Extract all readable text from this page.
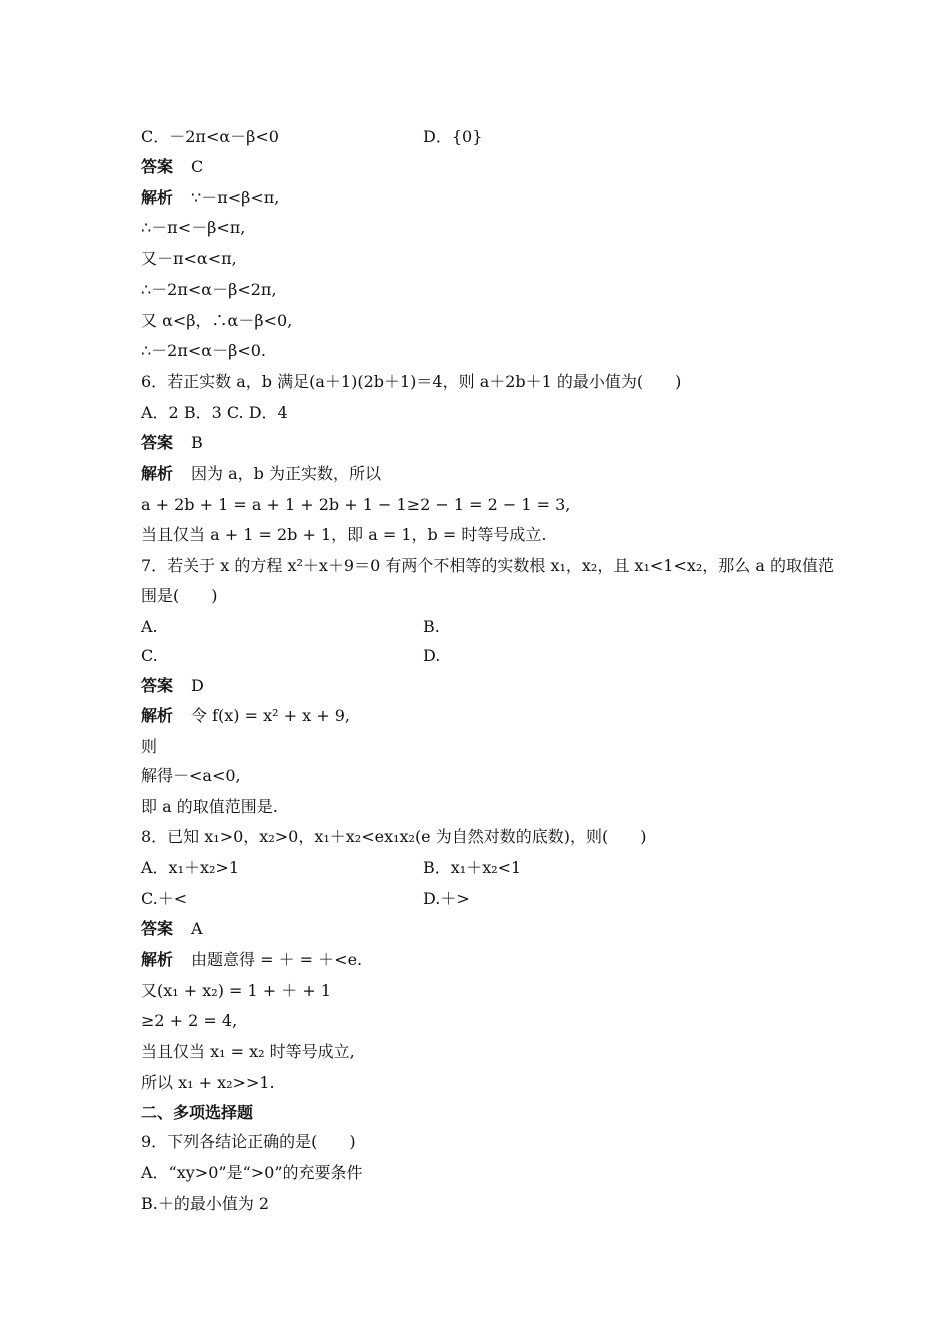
C．－2π<α－β<0	D．{0}
答案 C
解析 ∵－π<β<π,
∴－π<－β<π,
又－π<α<π,
∴－2π<α－β<2π,
又 α<β，∴α－β<0,
∴－2π<α－β<0.
6．若正实数 a，b 满足(a＋1)(2b＋1)＝4，则 a＋2b＋1 的最小值为(　　)
A．2 B．3 C. D．4
答案 B
解析 因为 a，b 为正实数，所以
a + 2b + 1 = a + 1 + 2b + 1 − 1≥2 − 1 = 2 − 1 = 3,
当且仅当 a + 1 = 2b + 1，即 a = 1，b = 时等号成立.
7．若关于 x 的方程 x²＋x＋9＝0 有两个不相等的实数根 x₁，x₂，且 x₁<1<x₂，那么 a 的取值范
围是(　　)
A.	B.
C.	D.
答案 D
解析 令 f(x) = x² + x + 9,
则
解得－<a<0,
即 a 的取值范围是.
8．已知 x₁>0，x₂>0，x₁＋x₂<ex₁x₂(e 为自然对数的底数)，则(　　)
A．x₁＋x₂>1	B．x₁＋x₂<1
C.＋<	D.＋>
答案 A
解析 由题意得 = ＋ = ＋<e.
又(x₁ + x₂) = 1 + ＋ + 1
≥2 + 2 = 4,
当且仅当 x₁ = x₂ 时等号成立,
所以 x₁ + x₂>>1.
二、多项选择题
9．下列各结论正确的是(　　)
A．“xy>0”是“>0”的充要条件
B.＋的最小值为 2
